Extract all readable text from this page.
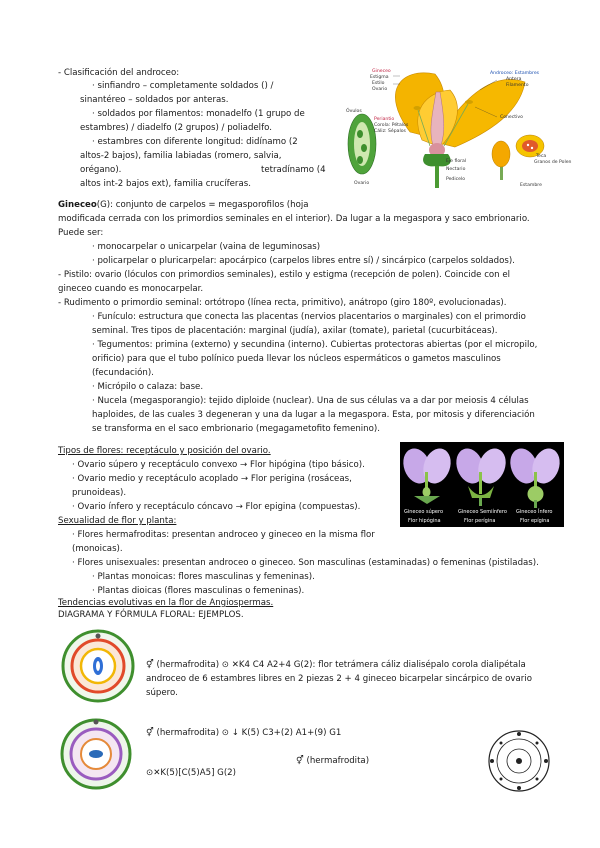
- Clasificación del androceo:
· sinfiandro – completamente soldados () /
sinantéreo – soldados por anteras.
· soldados por filamentos: monadelfo (1 grupo de
estambres) / diadelfo (2 grupos) / poliadelfo.
· estambres con diferente longitud: didínamo (2
altos-2 bajos), familia labiadas (romero, salvia,
orégano).	tetradínamo (4
altos int-2 bajos ext), familia crucíferas.
Gineceo
Estigma
Estilo
Ovario
Androceo: Estambres
Antera
Filamento
Óvulos
Periantio
Corola: Pétalos
Cáliz: Sépalos
Conectivo
Teca
Granos de Polen
Eje floral
Nectario
Pedicelo
Ovario	Estambre
Gineceo(G): conjunto de carpelos = megasporofilos (hoja
modificada cerrada con los primordios seminales en el interior). Da lugar a la megaspora y saco embrionario.
Puede ser:
· monocarpelar o unicarpelar (vaina de leguminosas)
· policarpelar o pluricarpelar: apocárpico (carpelos libres entre sí) / sincárpico (carpelos soldados).
- Pistilo: ovario (lóculos con primordios seminales), estilo y estigma (recepción de polen). Coincide con el
gineceo cuando es monocarpelar.
- Rudimento o primordio seminal: ortótropo (línea recta, primitivo), anátropo (giro 180º, evolucionadas).
· Funículo: estructura que conecta las placentas (nervios placentarios o marginales) con el primordio
seminal. Tres tipos de placentación: marginal (judía), axilar (tomate), parietal (cucurbitáceas).
· Tegumentos: primina (externo) y secundina (interno). Cubiertas protectoras abiertas (por el micropilo,
orificio) para que el tubo polínico pueda llevar los núcleos espermáticos o gametos masculinos
(fecundación).
· Micrópilo o calaza: base.
· Nucela (megasporangio): tejido diploide (nuclear). Una de sus células va a dar por meiosis 4 células
haploides, de las cuales 3 degeneran y una da lugar a la megaspora. Esta, por mitosis y diferenciación
se transforma en el saco embrionario (megagametofito femenino).
Tipos de flores: receptáculo y posición del ovario.
· Ovario súpero y receptáculo convexo → Flor hipógina (tipo básico).
· Ovario medio y receptáculo acoplado → Flor perigina (rosáceas,
prunoideas).
· Ovario ínfero y receptáculo cóncavo → Flor epigina (compuestas).	Gineceo súpero
Flor hipógina
Gineceo Semiínfero
Flor perígina
Gineceo Ínfero
Flor epígina
Sexualidad de flor y planta:
· Flores hermafroditas: presentan androceo y gineceo en la misma flor
(monoicas).
· Flores unisexuales: presentan androceo o gineceo. Son masculinas (estaminadas) o femeninas (pistiladas).
· Plantas monoicas: flores masculinas y femeninas).
· Plantas dioicas (flores masculinas o femeninas).
Tendencias evolutivas en la flor de Angiospermas.
DIAGRAMA Y FÓRMULA FLORAL: EJEMPLOS.
⚥ (hermafrodita) ⊙ ✕K4 C4 A2+4 G(2): flor tetrámera cáliz dialisépalo corola dialipétala
androceo de 6 estambres libres en 2 piezas 2 + 4 gineceo bicarpelar sincárpico de ovario
súpero.
⚥ (hermafrodita) ⊙ ↓ K(5) C3+(2) A1+(9) G1
⚥ (hermafrodita)
⊙✕K(5)[C(5)A5] G(2)
